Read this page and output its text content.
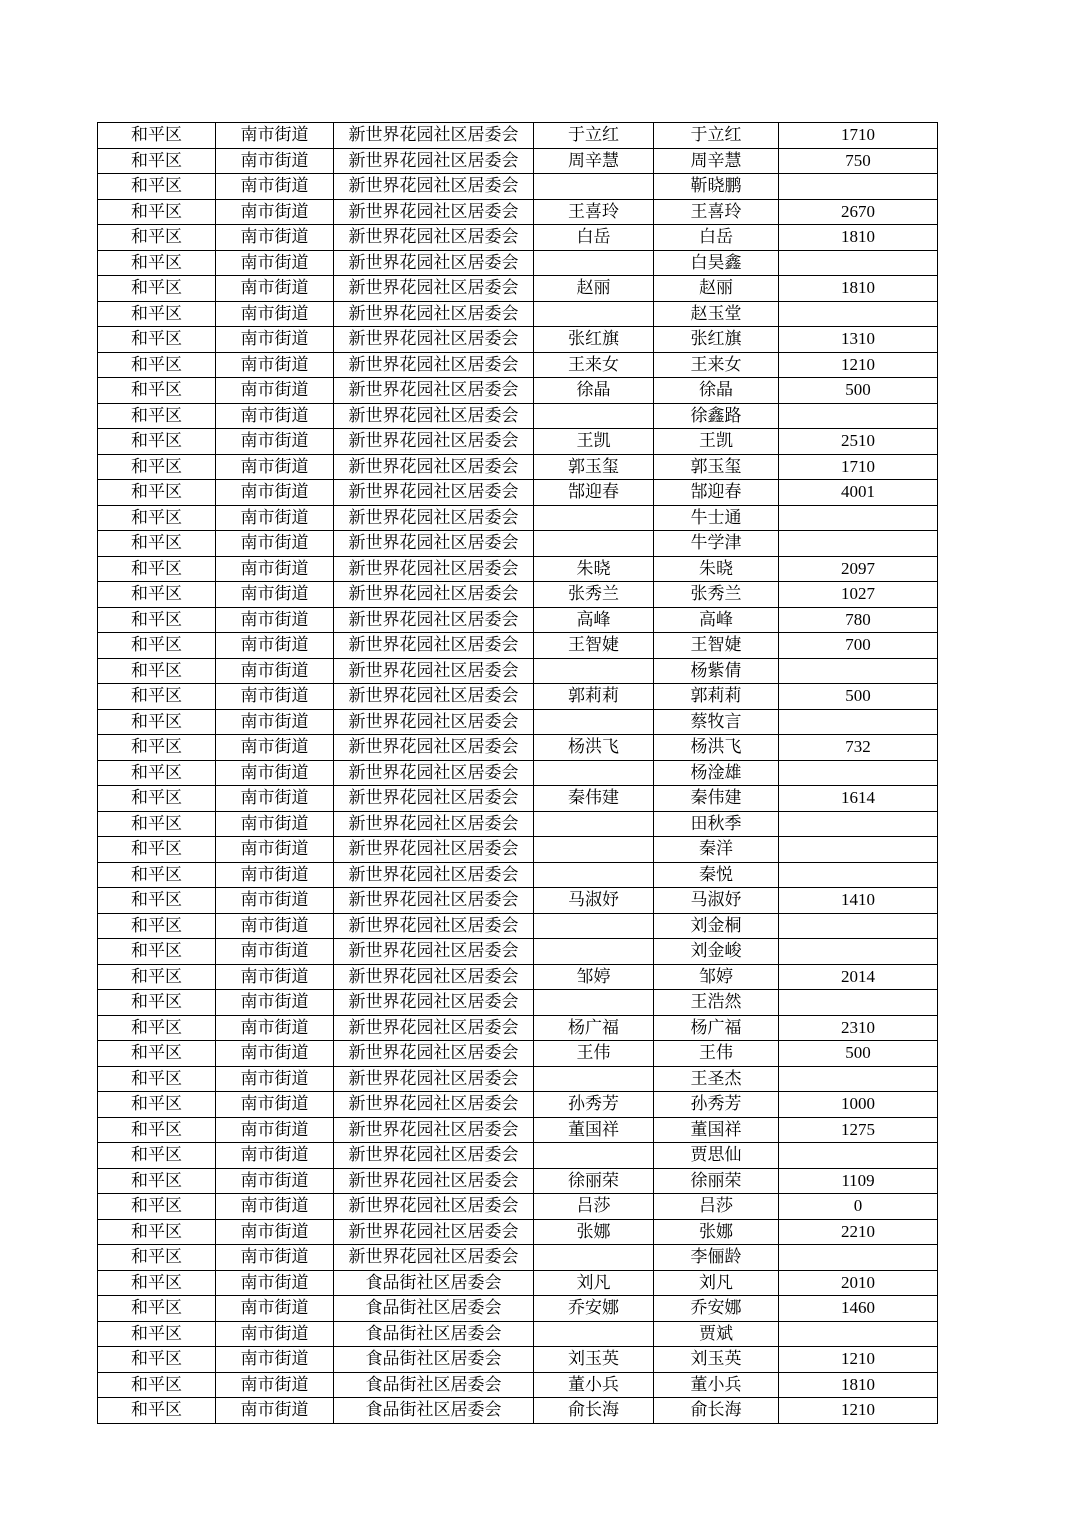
和平区	南市街道	新世界花园社区居委会	于立红	于立红	1710
和平区	南市街道	新世界花园社区居委会	周辛慧	周辛慧	750
和平区	南市街道	新世界花园社区居委会		靳晓鹏	
和平区	南市街道	新世界花园社区居委会	王喜玲	王喜玲	2670
和平区	南市街道	新世界花园社区居委会	白岳	白岳	1810
和平区	南市街道	新世界花园社区居委会		白昊鑫	
和平区	南市街道	新世界花园社区居委会	赵丽	赵丽	1810
和平区	南市街道	新世界花园社区居委会		赵玉堂	
和平区	南市街道	新世界花园社区居委会	张红旗	张红旗	1310
和平区	南市街道	新世界花园社区居委会	王来女	王来女	1210
和平区	南市街道	新世界花园社区居委会	徐晶	徐晶	500
和平区	南市街道	新世界花园社区居委会		徐鑫路	
和平区	南市街道	新世界花园社区居委会	王凯	王凯	2510
和平区	南市街道	新世界花园社区居委会	郭玉玺	郭玉玺	1710
和平区	南市街道	新世界花园社区居委会	郜迎春	郜迎春	4001
和平区	南市街道	新世界花园社区居委会		牛士通	
和平区	南市街道	新世界花园社区居委会		牛学津	
和平区	南市街道	新世界花园社区居委会	朱晓	朱晓	2097
和平区	南市街道	新世界花园社区居委会	张秀兰	张秀兰	1027
和平区	南市街道	新世界花园社区居委会	高峰	高峰	780
和平区	南市街道	新世界花园社区居委会	王智婕	王智婕	700
和平区	南市街道	新世界花园社区居委会		杨紫倩	
和平区	南市街道	新世界花园社区居委会	郭莉莉	郭莉莉	500
和平区	南市街道	新世界花园社区居委会		蔡牧言	
和平区	南市街道	新世界花园社区居委会	杨洪飞	杨洪飞	732
和平区	南市街道	新世界花园社区居委会		杨淦雄	
和平区	南市街道	新世界花园社区居委会	秦伟建	秦伟建	1614
和平区	南市街道	新世界花园社区居委会		田秋季	
和平区	南市街道	新世界花园社区居委会		秦洋	
和平区	南市街道	新世界花园社区居委会		秦悦	
和平区	南市街道	新世界花园社区居委会	马淑妤	马淑妤	1410
和平区	南市街道	新世界花园社区居委会		刘金桐	
和平区	南市街道	新世界花园社区居委会		刘金峻	
和平区	南市街道	新世界花园社区居委会	邹婷	邹婷	2014
和平区	南市街道	新世界花园社区居委会		王浩然	
和平区	南市街道	新世界花园社区居委会	杨广福	杨广福	2310
和平区	南市街道	新世界花园社区居委会	王伟	王伟	500
和平区	南市街道	新世界花园社区居委会		王圣杰	
和平区	南市街道	新世界花园社区居委会	孙秀芳	孙秀芳	1000
和平区	南市街道	新世界花园社区居委会	董国祥	董国祥	1275
和平区	南市街道	新世界花园社区居委会		贾思仙	
和平区	南市街道	新世界花园社区居委会	徐丽荣	徐丽荣	1109
和平区	南市街道	新世界花园社区居委会	吕莎	吕莎	0
和平区	南市街道	新世界花园社区居委会	张娜	张娜	2210
和平区	南市街道	新世界花园社区居委会		李俪龄	
和平区	南市街道	食品街社区居委会	刘凡	刘凡	2010
和平区	南市街道	食品街社区居委会	乔安娜	乔安娜	1460
和平区	南市街道	食品街社区居委会		贾斌	
和平区	南市街道	食品街社区居委会	刘玉英	刘玉英	1210
和平区	南市街道	食品街社区居委会	董小兵	董小兵	1810
和平区	南市街道	食品街社区居委会	俞长海	俞长海	1210
